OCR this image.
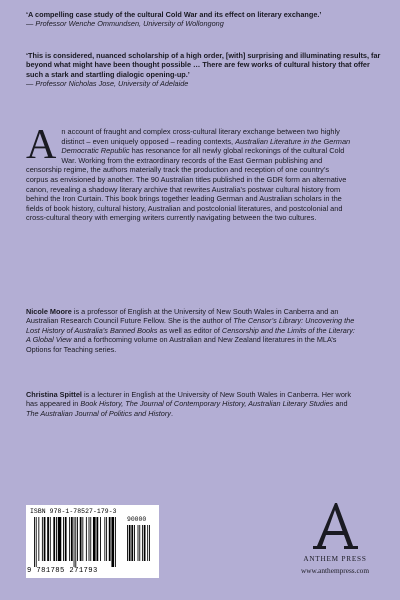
‘A compelling case study of the cultural Cold War and its effect on literary exchange.’
— Professor Wenche Ommundsen, University of Wollongong
‘This is considered, nuanced scholarship of a high order, [with] surprising and illuminating results, far beyond what might have been thought possible … There are few works of cultural history that offer such a stark and startling dialogic opening-up.’
— Professor Nicholas Jose, University of Adelaide
An account of fraught and complex cross-cultural literary exchange between two highly distinct – even uniquely opposed – reading contexts, Australian Literature in the German Democratic Republic has resonance for all newly global reckonings of the cultural Cold War. Working from the extraordinary records of the East German publishing and censorship regime, the authors materially track the production and reception of one country’s corpus as envisioned by another. The 90 Australian titles published in the GDR form an alternative canon, revealing a shadowy literary archive that rewrites Australia’s postwar cultural history from behind the Iron Curtain. This book brings together leading German and Australian scholars in the fields of book history, cultural history, Australian and postcolonial literatures, and postcolonial and cross-cultural theory with emerging writers currently navigating between the two cultures.
Nicole Moore is a professor of English at the University of New South Wales in Canberra and an Australian Research Council Future Fellow. She is the author of The Censor’s Library: Uncovering the Lost History of Australia’s Banned Books as well as editor of Censorship and the Limits of the Literary: A Global View and a forthcoming volume on Australian and New Zealand literatures in the MLA’s Options for Teaching series.
Christina Spittel is a lecturer in English at the University of New South Wales in Canberra. Her work has appeared in Book History, The Journal of Contemporary History, Australian Literary Studies and The Australian Journal of Politics and History.
ISBN 978-1-78527-179-3
90000
9 781785 271793
ANTHEM PRESS
www.anthempress.com
